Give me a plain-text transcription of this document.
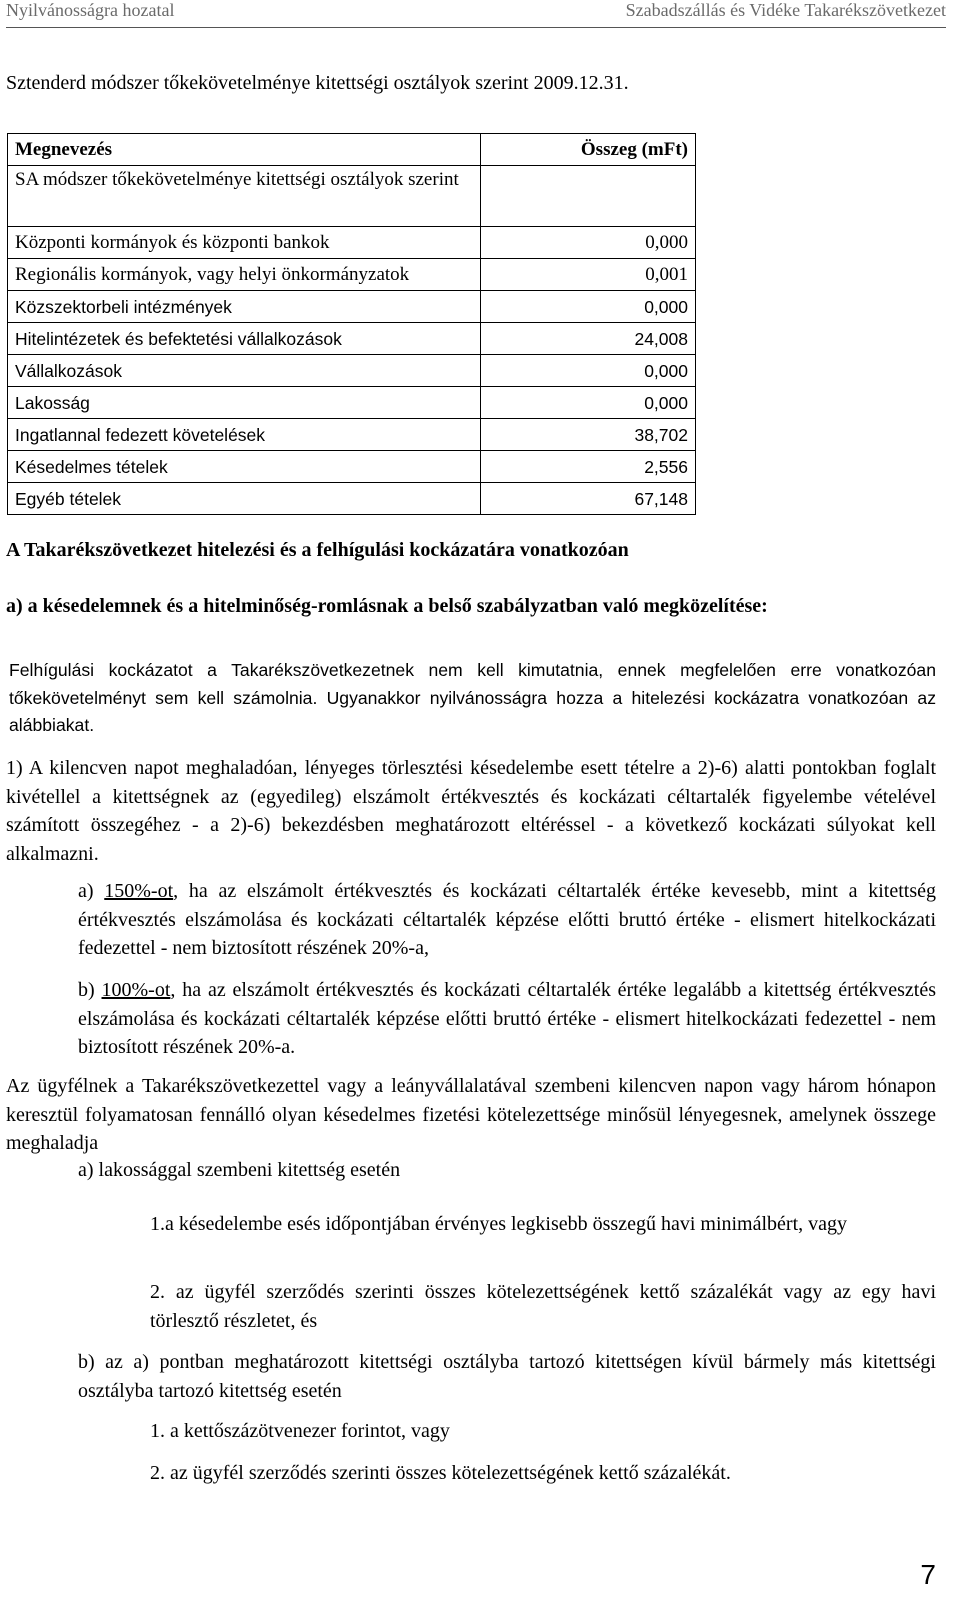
Nyilvánosságra hozatal	Szabadszállás és Vidéke Takarékszövetkezet
Sztenderd módszer tőkekövetelménye kitettségi osztályok szerint 2009.12.31.
Megnevezés	Összeg (mFt)
SA módszer tőkekövetelménye kitettségi osztályok szerint	
Központi kormányok és központi bankok	0,000
Regionális kormányok, vagy helyi önkormányzatok	0,001
Közszektorbeli intézmények	0,000
Hitelintézetek és befektetési vállalkozások	24,008
Vállalkozások	0,000
Lakosság	0,000
Ingatlannal fedezett követelések	38,702
Késedelmes tételek	2,556
Egyéb tételek	67,148
A Takarékszövetkezet hitelezési és a felhígulási kockázatára vonatkozóan
a) a késedelemnek és a hitelminőség-romlásnak a belső szabályzatban való megközelítése:
Felhígulási kockázatot a Takarékszövetkezetnek nem kell kimutatnia, ennek megfelelően erre vonatkozóan tőkekövetelményt sem kell számolnia. Ugyanakkor nyilvánosságra hozza a hitelezési kockázatra vonatkozóan az alábbiakat.
1) A kilencven napot meghaladóan, lényeges törlesztési késedelembe esett tételre a 2)-6) alatti pontokban foglalt kivétellel a kitettségnek az (egyedileg) elszámolt értékvesztés és kockázati céltartalék figyelembe vételével számított összegéhez - a 2)-6) bekezdésben meghatározott eltéréssel - a következő kockázati súlyokat kell alkalmazni.
a) 150%-ot, ha az elszámolt értékvesztés és kockázati céltartalék értéke kevesebb, mint a kitettség értékvesztés elszámolása és kockázati céltartalék képzése előtti bruttó értéke - elismert hitelkockázati fedezettel - nem biztosított részének 20%-a,
b) 100%-ot, ha az elszámolt értékvesztés és kockázati céltartalék értéke legalább a kitettség értékvesztés elszámolása és kockázati céltartalék képzése előtti bruttó értéke - elismert hitelkockázati fedezettel - nem biztosított részének 20%-a.
Az ügyfélnek a Takarékszövetkezettel vagy a leányvállalatával szembeni kilencven napon vagy három hónapon keresztül folyamatosan fennálló olyan késedelmes fizetési kötelezettsége minősül lényegesnek, amelynek összege meghaladja
a) lakossággal szembeni kitettség esetén
1.a késedelembe esés időpontjában érvényes legkisebb összegű havi minimálbért, vagy
2. az ügyfél szerződés szerinti összes kötelezettségének kettő százalékát vagy az egy havi törlesztő részletet, és
b) az a) pontban meghatározott kitettségi osztályba tartozó kitettségen kívül bármely más kitettségi osztályba tartozó kitettség esetén
1. a kettőszázötvenezer forintot, vagy
2. az ügyfél szerződés szerinti összes kötelezettségének kettő százalékát.
7
